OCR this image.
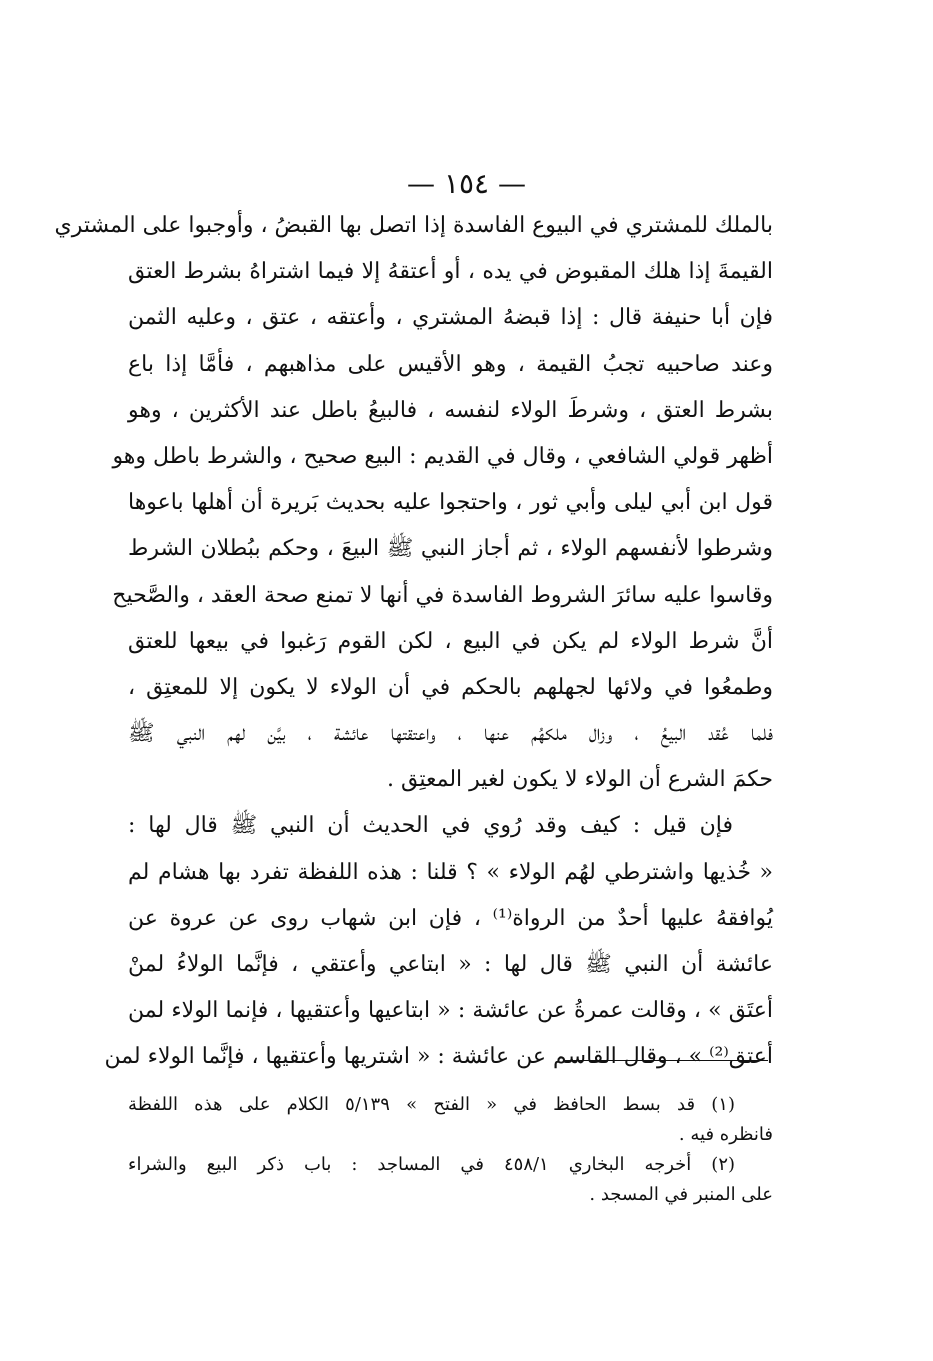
— ١٥٤ —
بالملك للمشتري في البيوع الفاسدة إذا اتصل بها القبضُ ، وأوجبوا على المشتري
القيمةَ إذا هلك المقبوض في يده ، أو أعتقهُ إلا فيما اشتراهُ بشرط العتق
فإن أبا حنيفة قال : إذا قبضهُ المشتري ، وأعتقه ، عتق ، وعليه الثمن
وعند صاحبيه تجبُ القيمة ، وهو الأقيس على مذاهبهم ، فأمَّا إذا باع
بشرط العتق ، وشرطَ الولاء لنفسه ، فالبيعُ باطل عند الأكثرين ، وهو
أظهر قولي الشافعي ، وقال في القديم : البيع صحيح ، والشرط باطل وهو
قول ابن أبي ليلى وأبي ثور ، واحتجوا عليه بحديث بَريرة أن أهلها باعوها
وشرطوا لأنفسهم الولاء ، ثم أجاز النبي ﷺ البيعَ ، وحكم ببُطلان الشرط
وقاسوا عليه سائرَ الشروط الفاسدة في أنها لا تمنع صحة العقد ، والصَّحيح
أنَّ شرط الولاء لم يكن في البيع ، لكن القوم رَغبوا في بيعها للعتق
وطمعُوا في ولائها لجهلهم بالحكم في أن الولاء لا يكون إلا للمعتِق ،
فلما عُقد البيعُ ، وزال ملكهُم عنها ، واعتقتها عائشة ، بيَّن لهم النبي ﷺ
حكمَ الشرع أن الولاء لا يكون لغير المعتِق .
فإن قيل : كيف وقد رُوي في الحديث أن النبي ﷺ قال لها :
« خُذيها واشترطي لهُم الولاء » ؟ قلنا : هذه اللفظة تفرد بها هشام لم
يُوافقهُ عليها أحدٌ من الرواة⁽¹⁾ ، فإن ابن شهاب روى عن عروة عن
عائشة أن النبي ﷺ قال لها : « ابتاعي وأعتقي ، فإنَّما الولاءُ لمنْ
أعتَق » ، وقالت عمرةُ عن عائشة : « ابتاعيها وأعتقيها ، فإنما الولاء لمن
أعتق⁽²⁾ » ، وقال القاسم عن عائشة : « اشتريها وأعتقيها ، فإنَّما الولاء لمن
(١) قد بسط الحافظ في « الفتح » ٥/١٣٩ الكلام على هذه اللفظة
فانظره فيه .
(٢) أخرجه البخاري ٤٥٨/١ في المساجد : باب ذكر البيع والشراء
على المنبر في المسجد .
